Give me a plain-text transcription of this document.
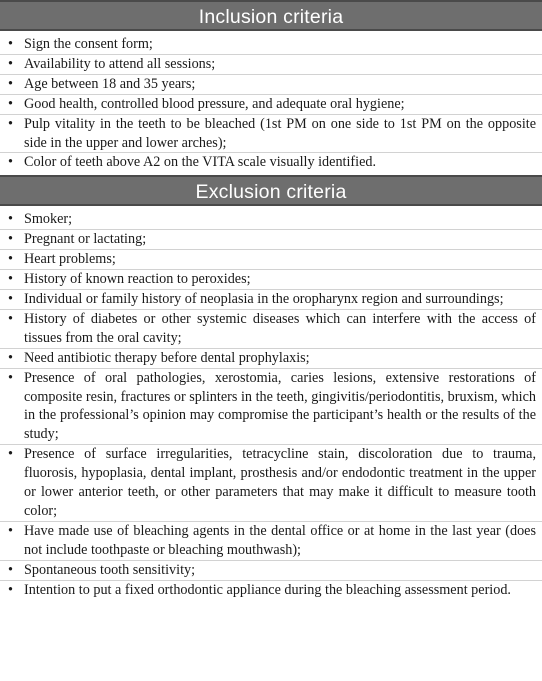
Inclusion criteria
• Sign the consent form;
• Availability to attend all sessions;
• Age between 18 and 35 years;
• Good health, controlled blood pressure, and adequate oral hygiene;
• Pulp vitality in the teeth to be bleached (1st PM on one side to 1st PM on the opposite side in the upper and lower arches);
• Color of teeth above A2 on the VITA scale visually identified.
Exclusion criteria
• Smoker;
• Pregnant or lactating;
• Heart problems;
• History of known reaction to peroxides;
• Individual or family history of neoplasia in the oropharynx region and surroundings;
• History of diabetes or other systemic diseases which can interfere with the access of tissues from the oral cavity;
• Need antibiotic therapy before dental prophylaxis;
• Presence of oral pathologies, xerostomia, caries lesions, extensive restorations of composite resin, fractures or splinters in the teeth, gingivitis/periodontitis, bruxism, which in the professional’s opinion may compromise the participant’s health or the results of the study;
• Presence of surface irregularities, tetracycline stain, discoloration due to trauma, fluorosis, hypoplasia, dental implant, prosthesis and/or endodontic treatment in the upper or lower anterior teeth, or other parameters that may make it difficult to measure tooth color;
• Have made use of bleaching agents in the dental office or at home in the last year (does not include toothpaste or bleaching mouthwash);
• Spontaneous tooth sensitivity;
• Intention to put a fixed orthodontic appliance during the bleaching assessment period.
